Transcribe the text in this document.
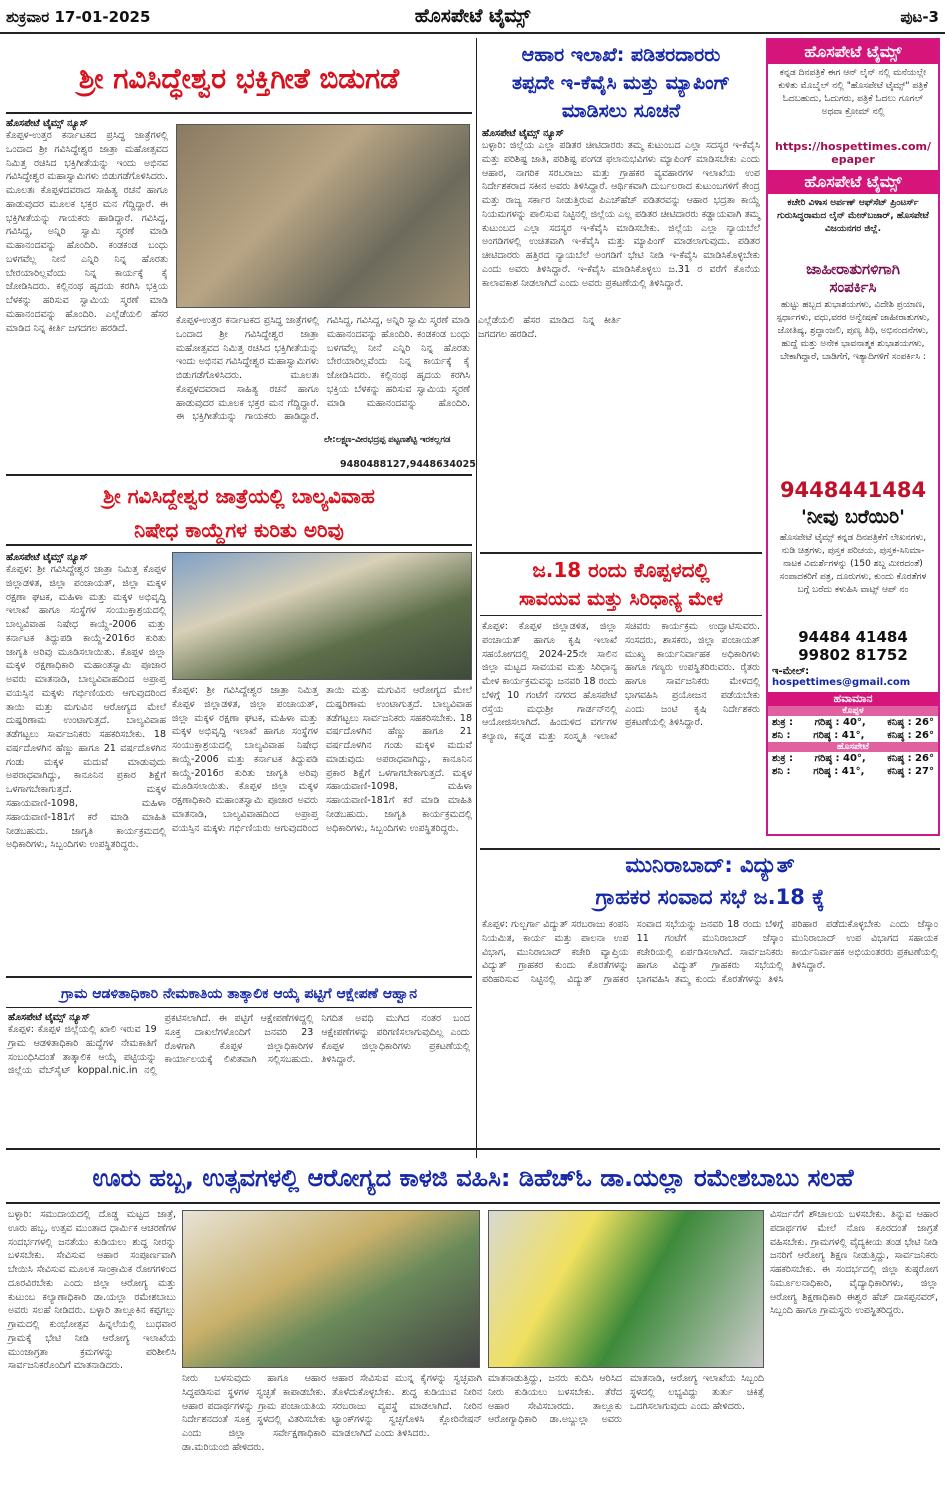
ಶುಕ್ರವಾರ 17-01-2025	ಹೊಸಪೇಟೆ ಟೈಮ್ಸ್	ಪುಟ-3
ಶ್ರೀ ಗವಿಸಿದ್ಧೇಶ್ವರ ಭಕ್ತಿಗೀತೆ ಬಿಡುಗಡೆ
ಹೊಸಪೇಟೆ ಟೈಮ್ಸ್ ನ್ಯೂಸ್
ಕೊಪ್ಪಳ-ಉತ್ತರ ಕರ್ನಾಟಕದ ಪ್ರಸಿದ್ಧ ಜಾತ್ರೆಗಳಲ್ಲಿ ಒಂದಾದ ಶ್ರೀ ಗವಿಸಿದ್ಧೇಶ್ವರ ಜಾತ್ರಾ ಮಹೋತ್ಸವದ ನಿಮಿತ್ತ ರಚಿಸಿದ ಭಕ್ತಿಗೀತೆಯನ್ನು ಇಂದು ಅಭಿನವ ಗವಿಸಿದ್ಧೇಶ್ವರ ಮಹಾಸ್ವಾಮಿಗಳು ಬಿಡುಗಡೆಗೊಳಿಸಿದರು. ಮೂಲತಃ ಕೊಪ್ಪಳದವರಾದ ಸಾಹಿತ್ಯ ರಚನೆ ಹಾಗೂ ಹಾಡುವುದರ ಮೂಲಕ ಭಕ್ತರ ಮನ ಗೆದ್ದಿದ್ದಾರೆ. ಈ ಭಕ್ತಿಗೀತೆಯನ್ನು ಗಾಯಕರು ಹಾಡಿದ್ದಾರೆ. ಗವಿಸಿದ್ದ, ಗವಿಸಿದ್ದ, ಅನ್ನಿರಿ ಸ್ವಾಮಿ ಸ್ಮರಣೆ ಮಾಡಿ ಮಹಾನಂದವನ್ನು ಹೊಂದಿರಿ. ಕಂಡಕಂಡ ಬಂಧು ಬಳಗವೆಲ್ಲ ನೀನೆ ಎನ್ನಿರಿ ನಿನ್ನ ಹೊರತು ಬೇರಯಾರಿಲ್ಲವೆಂದು ನಿನ್ನ ಕಾರ್ಯಕ್ಕೆ ಕೈ ಜೋಡಿಸಿದರು. ಕಲ್ಲಿನಂಥ ಹೃದಯ ಕರಗಿಸಿ ಭಕ್ತಿಯ ಬೆಳಕನ್ನು ಹರಿಸುವ ಸ್ವಾಮಿಯ ಸ್ಮರಣೆ ಮಾಡಿ ಮಹಾನಂದವನ್ನು ಹೊಂದಿರಿ. ಎಲ್ಲೆಡೆಯಲಿ ಹೆಸರ ಮಾಡಿದ ನಿನ್ನ ಕೀರ್ತಿ ಜಗದಗಲ ಹರಡಿದೆ.
ಕೊಪ್ಪಳ-ಉತ್ತರ ಕರ್ನಾಟಕದ ಪ್ರಸಿದ್ಧ ಜಾತ್ರೆಗಳಲ್ಲಿ ಒಂದಾದ ಶ್ರೀ ಗವಿಸಿದ್ಧೇಶ್ವರ ಜಾತ್ರಾ ಮಹೋತ್ಸವದ ನಿಮಿತ್ತ ರಚಿಸಿದ ಭಕ್ತಿಗೀತೆಯನ್ನು ಇಂದು ಅಭಿನವ ಗವಿಸಿದ್ಧೇಶ್ವರ ಮಹಾಸ್ವಾಮಿಗಳು ಬಿಡುಗಡೆಗೊಳಿಸಿದರು. ಮೂಲತಃ ಕೊಪ್ಪಳದವರಾದ ಸಾಹಿತ್ಯ ರಚನೆ ಹಾಗೂ ಹಾಡುವುದರ ಮೂಲಕ ಭಕ್ತರ ಮನ ಗೆದ್ದಿದ್ದಾರೆ. ಈ ಭಕ್ತಿಗೀತೆಯನ್ನು ಗಾಯಕರು ಹಾಡಿದ್ದಾರೆ. ಗವಿಸಿದ್ದ, ಗವಿಸಿದ್ದ, ಅನ್ನಿರಿ ಸ್ವಾಮಿ ಸ್ಮರಣೆ ಮಾಡಿ ಮಹಾನಂದವನ್ನು ಹೊಂದಿರಿ. ಕಂಡಕಂಡ ಬಂಧು ಬಳಗವೆಲ್ಲ ನೀನೆ ಎನ್ನಿರಿ ನಿನ್ನ ಹೊರತು ಬೇರಯಾರಿಲ್ಲವೆಂದು ನಿನ್ನ ಕಾರ್ಯಕ್ಕೆ ಕೈ ಜೋಡಿಸಿದರು. ಕಲ್ಲಿನಂಥ ಹೃದಯ ಕರಗಿಸಿ ಭಕ್ತಿಯ ಬೆಳಕನ್ನು ಹರಿಸುವ ಸ್ವಾಮಿಯ ಸ್ಮರಣೆ ಮಾಡಿ ಮಹಾನಂದವನ್ನು ಹೊಂದಿರಿ. ಎಲ್ಲೆಡೆಯಲಿ ಹೆಸರ ಮಾಡಿದ ನಿನ್ನ ಕೀರ್ತಿ ಜಗದಗಲ ಹರಡಿದೆ.
ಲೇ:ಲಕ್ಷ್ಮಣ-ವೀರಭದ್ರಪ್ಪ ಪಟ್ಟಣಶೆಟ್ಟಿ ಇರಕಲ್ಲಗಡ
9480488127,9448634025
ಆಹಾರ ಇಲಾಖೆ: ಪಡಿತರದಾರರು
ತಪ್ಪದೇ ಇ-ಕೆವೈಸಿ ಮತ್ತು ಮ್ಯಾಪಿಂಗ್
ಮಾಡಿಸಲು ಸೂಚನೆ
ಹೊಸಪೇಟೆ ಟೈಮ್ಸ್ ನ್ಯೂಸ್
ಬಳ್ಳಾರಿ: ಜಿಲ್ಲೆಯ ಎಲ್ಲಾ ಪಡಿತರ ಚೀಟಿದಾರರು ತಮ್ಮ ಕುಟುಂಬದ ಎಲ್ಲಾ ಸದಸ್ಯರ ಇ-ಕೆವೈಸಿ ಮತ್ತು ಪರಿಶಿಷ್ಟ ಜಾತಿ, ಪರಿಶಿಷ್ಟ ಪಂಗಡ ಫಲಾನುಭವಿಗಳು ಮ್ಯಾಪಿಂಗ್ ಮಾಡಿಸಬೇಕು ಎಂದು ಆಹಾರ, ನಾಗರಿಕ ಸರಬರಾಜು ಮತ್ತು ಗ್ರಾಹಕರ ವ್ಯವಹಾರಗಳ ಇಲಾಖೆಯ ಉಪ ನಿರ್ದೇಶಕರಾದ ಸಕೀನ ಅವರು ತಿಳಿಸಿದ್ದಾರೆ. ಆರ್ಥಿಕವಾಗಿ ದುರ್ಬಲರಾದ ಕುಟುಂಬಗಳಿಗೆ ಕೇಂದ್ರ ಮತ್ತು ರಾಜ್ಯ ಸರ್ಕಾರ ನೀಡುತ್ತಿರುವ ಪಿಎಚ್‍ಹೆಚ್ ಪಡಿತರವನ್ನು ಆಹಾರ ಭದ್ರತಾ ಕಾಯ್ದೆ ನಿಯಮಗಳನ್ನು ಪಾಲಿಸುವ ನಿಟ್ಟಿನಲ್ಲಿ ಜಿಲ್ಲೆಯ ಎಲ್ಲ ಪಡಿತರ ಚೀಟಿದಾರರು ಕಡ್ಡಾಯವಾಗಿ ತಮ್ಮ ಕುಟುಂಬದ ಎಲ್ಲಾ ಸದಸ್ಯರ ಇ-ಕೆವೈಸಿ ಮಾಡಿಸಬೇಕು. ಜಿಲ್ಲೆಯ ಎಲ್ಲಾ ನ್ಯಾಯಬೆಲೆ ಅಂಗಡಿಗಳಲ್ಲಿ ಉಚಿತವಾಗಿ ಇ-ಕೆವೈಸಿ ಮತ್ತು ಮ್ಯಾಪಿಂಗ್ ಮಾಡಲಾಗುವುದು. ಪಡಿತರ ಚೀಟಿದಾರರು ಹತ್ತಿರದ ನ್ಯಾಯಬೆಲೆ ಅಂಗಡಿಗೆ ಭೇಟಿ ನೀಡಿ ಇ-ಕೆವೈಸಿ ಮಾಡಿಸಿಕೊಳ್ಳಬೇಕು ಎಂದು ಅವರು ತಿಳಿಸಿದ್ದಾರೆ. ಇ-ಕೆವೈಸಿ ಮಾಡಿಸಿಕೊಳ್ಳಲು ಜ.31 ರ ವರೆಗೆ ಕೊನೆಯ ಕಾಲಾವಕಾಶ ನೀಡಲಾಗಿದೆ ಎಂದು ಅವರು ಪ್ರಕಟಣೆಯಲ್ಲಿ ತಿಳಿಸಿದ್ದಾರೆ.
ಹೊಸಪೇಟೆ ಟೈಮ್ಸ್
ಕನ್ನಡ ದಿನಪತ್ರಿಕೆ ಈಗ ಆನ್ ಲೈನ್ ನಲ್ಲಿ ಮನೆಯಲ್ಲೇ ಕುಳಿತು ಮೊಬೈಲ್ ನಲ್ಲಿ "ಹೊಸಪೇಟೆ ಟೈಮ್ಸ್" ಪತ್ರಿಕೆ ಓದಬಹುದು, ಓದುಗರು, ಪತ್ರಿಕೆ ಓದಲು ಗೂಗಲ್ ಅಥವಾ ಕ್ರೋಮ್ ನಲ್ಲಿ
https://hospettimes.com/epaper
ಹೊಸಪೇಟೆ ಟೈಮ್ಸ್
ಕಚೇರಿ ವಿಳಾಸ ಅರ್ಪಣ್ ಆಫ್‍ಸೆಟ್ ಪ್ರಿಂಟರ್ಸ್ ಗುರುಸಿದ್ಧರಾಮದ ಲೈನ್ ಮೇನ್‍ಬಜಾರ್, ಹೊಸಪೇಟೆ ವಿಜಯನಗರ ಜಿಲ್ಲೆ.
ಜಾಹೀರಾತುಗಳಿಗಾಗಿ
ಸಂಪರ್ಕಿಸಿ
ಹುಟ್ಟು ಹಬ್ಬದ ಶುಭಾಶಯಗಳು, ವಿದೇಶಿ ಪ್ರಯಾಣ, ಸ್ಪರ್ಧಾಗಳು, ವಧು,ವರರ ಅನ್ವೇಷಣೆ ಜಾಹೀರಾತುಗಳು, ಜೋತಿಷ್ಯ, ಶ್ರದ್ಧಾಂಜಲಿ, ಪುಣ್ಯ ತಿಥಿ, ಅಭಿನಂದನೆಗಳು, ಹುದ್ದೆ ಮತ್ತು ಅನೇಕ ಭಾವನಾತ್ಮಕ ಶುಭಾಶಯಗಳು, ಬೇಕಾಗಿದ್ದಾರೆ, ಬಾಡಿಗೆಗೆ, ಇತ್ಯಾದಿಗಳಿಗೆ ಸಂಪರ್ಕಿಸಿ :
9448441484
'ನೀವು ಬರೆಯಿರಿ'
ಹೊಸಪೇಟೆ ಟೈಮ್ಸ್ ಕನ್ನಡ ದಿನಪತ್ರಿಕೆಗೆ ಲೇಖನಗಳು, ನುಡಿ ಚಿತ್ರಗಳು, ಪುಸ್ತಕ ಪರಿಚಯ, ಪುಸ್ತಕ-ಸಿನಿಮಾ-ನಾಟಕ ವಿಮರ್ಶೆಗಳನ್ನು (150 ಶಬ್ದ ಮೀರದಂತೆ) ಸಂಪಾದಕರಿಗೆ ಪತ್ರ, ದೂರುಗಳು, ಕುಂದು ಕೊರತೆಗಳ ಬಗ್ಗೆ ಬರೆದು ಕಳುಹಿಸಿ ವಾಟ್ಸ್ ಆಪ್ ನಂ
94484 41484
99802 81752
ಇ-ಮೇಲ್: hospettimes@gmail.com
ಹವಾಮಾನ
ಕೊಪ್ಪಳ
ಶುಕ್ರ : ಗರಿಷ್ಠ : 40°, ಕನಿಷ್ಠ : 26°
ಶನಿ : ಗರಿಷ್ಠ : 41°, ಕನಿಷ್ಠ : 26°
ಹೊಸಪೇಟೆ
ಶುಕ್ರ : ಗರಿಷ್ಠ : 40°, ಕನಿಷ್ಠ : 26°
ಶನಿ : ಗರಿಷ್ಠ : 41°, ಕನಿಷ್ಠ : 27°
ಶ್ರೀ ಗವಿಸಿದ್ದೇಶ್ವರ ಜಾತ್ರೆಯಲ್ಲಿ ಬಾಲ್ಯವಿವಾಹ
ನಿಷೇಧ ಕಾಯ್ದೆಗಳ ಕುರಿತು ಅರಿವು
ಹೊಸಪೇಟೆ ಟೈಮ್ಸ್ ನ್ಯೂಸ್
ಕೊಪ್ಪಳ: ಶ್ರೀ ಗವಿಸಿದ್ದೇಶ್ವರ ಜಾತ್ರಾ ನಿಮಿತ್ತ ಕೊಪ್ಪಳ ಜಿಲ್ಲಾಡಳಿತ, ಜಿಲ್ಲಾ ಪಂಚಾಯತ್, ಜಿಲ್ಲಾ ಮಕ್ಕಳ ರಕ್ಷಣಾ ಘಟಕ, ಮಹಿಳಾ ಮತ್ತು ಮಕ್ಕಳ ಅಭಿವೃದ್ಧಿ ಇಲಾಖೆ ಹಾಗೂ ಸಂಸ್ಥೆಗಳ ಸಂಯುಕ್ತಾಶ್ರಯದಲ್ಲಿ ಬಾಲ್ಯವಿವಾಹ ನಿಷೇಧ ಕಾಯ್ದೆ-2006 ಮತ್ತು ಕರ್ನಾಟಕ ತಿದ್ದುಪಡಿ ಕಾಯ್ದೆ-2016ರ ಕುರಿತು ಜಾಗೃತಿ ಅರಿವು ಮೂಡಿಸಲಾಯಿತು. ಕೊಪ್ಪಳ ಜಿಲ್ಲಾ ಮಕ್ಕಳ ರಕ್ಷಣಾಧಿಕಾರಿ ಮಹಾಂತಸ್ವಾಮಿ ಪೂಜಾರ ಅವರು ಮಾತನಾಡಿ, ಬಾಲ್ಯವಿವಾಹದಿಂದ ಅಪ್ರಾಪ್ತ ವಯಸ್ಸಿನ ಮಕ್ಕಳು ಗರ್ಭಿಣಿಯರು ಆಗುವುದರಿಂದ ತಾಯಿ ಮತ್ತು ಮಗುವಿನ ಆರೋಗ್ಯದ ಮೇಲೆ ದುಷ್ಪರಿಣಾಮ ಉಂಟಾಗುತ್ತದೆ. ಬಾಲ್ಯವಿವಾಹ ತಡೆಗಟ್ಟಲು ಸಾರ್ವಜನಿಕರು ಸಹಕರಿಸಬೇಕು. 18 ವರ್ಷದೊಳಗಿನ ಹೆಣ್ಣು ಹಾಗೂ 21 ವರ್ಷದೊಳಗಿನ ಗಂಡು ಮಕ್ಕಳ ಮದುವೆ ಮಾಡುವುದು ಅಪರಾಧವಾಗಿದ್ದು, ಕಾನೂನಿನ ಪ್ರಕಾರ ಶಿಕ್ಷೆಗೆ ಒಳಗಾಗಬೇಕಾಗುತ್ತದೆ. ಮಕ್ಕಳ ಸಹಾಯವಾಣಿ-1098, ಮಹಿಳಾ ಸಹಾಯವಾಣಿ-181ಗೆ ಕರೆ ಮಾಡಿ ಮಾಹಿತಿ ನೀಡಬಹುದು. ಜಾಗೃತಿ ಕಾರ್ಯಕ್ರಮದಲ್ಲಿ ಅಧಿಕಾರಿಗಳು, ಸಿಬ್ಬಂದಿಗಳು ಉಪಸ್ಥಿತರಿದ್ದರು.
ಕೊಪ್ಪಳ: ಶ್ರೀ ಗವಿಸಿದ್ದೇಶ್ವರ ಜಾತ್ರಾ ನಿಮಿತ್ತ ಕೊಪ್ಪಳ ಜಿಲ್ಲಾಡಳಿತ, ಜಿಲ್ಲಾ ಪಂಚಾಯತ್, ಜಿಲ್ಲಾ ಮಕ್ಕಳ ರಕ್ಷಣಾ ಘಟಕ, ಮಹಿಳಾ ಮತ್ತು ಮಕ್ಕಳ ಅಭಿವೃದ್ಧಿ ಇಲಾಖೆ ಹಾಗೂ ಸಂಸ್ಥೆಗಳ ಸಂಯುಕ್ತಾಶ್ರಯದಲ್ಲಿ ಬಾಲ್ಯವಿವಾಹ ನಿಷೇಧ ಕಾಯ್ದೆ-2006 ಮತ್ತು ಕರ್ನಾಟಕ ತಿದ್ದುಪಡಿ ಕಾಯ್ದೆ-2016ರ ಕುರಿತು ಜಾಗೃತಿ ಅರಿವು ಮೂಡಿಸಲಾಯಿತು. ಕೊಪ್ಪಳ ಜಿಲ್ಲಾ ಮಕ್ಕಳ ರಕ್ಷಣಾಧಿಕಾರಿ ಮಹಾಂತಸ್ವಾಮಿ ಪೂಜಾರ ಅವರು ಮಾತನಾಡಿ, ಬಾಲ್ಯವಿವಾಹದಿಂದ ಅಪ್ರಾಪ್ತ ವಯಸ್ಸಿನ ಮಕ್ಕಳು ಗರ್ಭಿಣಿಯರು ಆಗುವುದರಿಂದ ತಾಯಿ ಮತ್ತು ಮಗುವಿನ ಆರೋಗ್ಯದ ಮೇಲೆ ದುಷ್ಪರಿಣಾಮ ಉಂಟಾಗುತ್ತದೆ. ಬಾಲ್ಯವಿವಾಹ ತಡೆಗಟ್ಟಲು ಸಾರ್ವಜನಿಕರು ಸಹಕರಿಸಬೇಕು. 18 ವರ್ಷದೊಳಗಿನ ಹೆಣ್ಣು ಹಾಗೂ 21 ವರ್ಷದೊಳಗಿನ ಗಂಡು ಮಕ್ಕಳ ಮದುವೆ ಮಾಡುವುದು ಅಪರಾಧವಾಗಿದ್ದು, ಕಾನೂನಿನ ಪ್ರಕಾರ ಶಿಕ್ಷೆಗೆ ಒಳಗಾಗಬೇಕಾಗುತ್ತದೆ. ಮಕ್ಕಳ ಸಹಾಯವಾಣಿ-1098, ಮಹಿಳಾ ಸಹಾಯವಾಣಿ-181ಗೆ ಕರೆ ಮಾಡಿ ಮಾಹಿತಿ ನೀಡಬಹುದು. ಜಾಗೃತಿ ಕಾರ್ಯಕ್ರಮದಲ್ಲಿ ಅಧಿಕಾರಿಗಳು, ಸಿಬ್ಬಂದಿಗಳು ಉಪಸ್ಥಿತರಿದ್ದರು.
ಜ.18 ರಂದು ಕೊಪ್ಪಳದಲ್ಲಿ
ಸಾವಯವ ಮತ್ತು ಸಿರಿಧಾನ್ಯ ಮೇಳ
ಕೊಪ್ಪಳ: ಕೊಪ್ಪಳ ಜಿಲ್ಲಾಡಳಿತ, ಜಿಲ್ಲಾ ಪಂಚಾಯತ್ ಹಾಗೂ ಕೃಷಿ ಇಲಾಖೆ ಸಹಯೋಗದಲ್ಲಿ 2024-25ನೇ ಸಾಲಿನ ಜಿಲ್ಲಾ ಮಟ್ಟದ ಸಾವಯವ ಮತ್ತು ಸಿರಿಧಾನ್ಯ ಮೇಳ ಕಾರ್ಯಕ್ರಮವನ್ನು ಜನವರಿ 18 ರಂದು ಬೆಳಿಗ್ಗೆ 10 ಗಂಟೆಗೆ ನಗರದ ಹೊಸಪೇಟೆ ರಸ್ತೆಯ ಮಧುಶ್ರೀ ಗಾರ್ಡನ್‍ನಲ್ಲಿ ಆಯೋಜಿಸಲಾಗಿದೆ. ಹಿಂದುಳಿದ ವರ್ಗಗಳ ಕಲ್ಯಾಣ, ಕನ್ನಡ ಮತ್ತು ಸಂಸ್ಕೃತಿ ಇಲಾಖೆ ಸಚಿವರು ಕಾರ್ಯಕ್ರಮ ಉದ್ಘಾಟಿಸುವರು. ಸಂಸದರು, ಶಾಸಕರು, ಜಿಲ್ಲಾ ಪಂಚಾಯತ್ ಮುಖ್ಯ ಕಾರ್ಯನಿರ್ವಾಹಕ ಅಧಿಕಾರಿಗಳು ಹಾಗೂ ಗಣ್ಯರು ಉಪಸ್ಥಿತರಿರುವರು. ರೈತರು ಹಾಗೂ ಸಾರ್ವಜನಿಕರು ಮೇಳದಲ್ಲಿ ಭಾಗವಹಿಸಿ ಪ್ರಯೋಜನ ಪಡೆಯಬೇಕು ಎಂದು ಜಂಟಿ ಕೃಷಿ ನಿರ್ದೇಶಕರು ಪ್ರಕಟಣೆಯಲ್ಲಿ ತಿಳಿಸಿದ್ದಾರೆ.
ಮುನಿರಾಬಾದ್: ವಿದ್ಯುತ್
ಗ್ರಾಹಕರ ಸಂವಾದ ಸಭೆ ಜ.18 ಕ್ಕೆ
ಕೊಪ್ಪಳ: ಗುಲ್ಬರ್ಗಾ ವಿದ್ಯುತ್ ಸರಬರಾಜು ಕಂಪನಿ ನಿಯಮಿತ, ಕಾರ್ಯ ಮತ್ತು ಪಾಲನಾ ಉಪ ವಿಭಾಗ, ಮುನಿರಾಬಾದ್ ಕಚೇರಿ ವ್ಯಾಪ್ತಿಯ ವಿದ್ಯುತ್ ಗ್ರಾಹಕರ ಕುಂದು ಕೊರತೆಗಳನ್ನು ಪರಿಹರಿಸುವ ನಿಟ್ಟಿನಲ್ಲಿ ವಿದ್ಯುತ್ ಗ್ರಾಹಕರ ಸಂವಾದ ಸಭೆಯನ್ನು ಜನವರಿ 18 ರಂದು ಬೆಳಿಗ್ಗೆ 11 ಗಂಟೆಗೆ ಮುನಿರಾಬಾದ್ ಜೆಸ್ಕಾಂ ಕಚೇರಿಯಲ್ಲಿ ಏರ್ಪಡಿಸಲಾಗಿದೆ. ಸಾರ್ವಜನಿಕರು ಹಾಗೂ ವಿದ್ಯುತ್ ಗ್ರಾಹಕರು ಸಭೆಯಲ್ಲಿ ಭಾಗವಹಿಸಿ ತಮ್ಮ ಕುಂದು ಕೊರತೆಗಳನ್ನು ತಿಳಿಸಿ ಪರಿಹಾರ ಪಡೆದುಕೊಳ್ಳಬೇಕು ಎಂದು ಜೆಸ್ಕಾಂ ಮುನಿರಾಬಾದ್ ಉಪ ವಿಭಾಗದ ಸಹಾಯಕ ಕಾರ್ಯನಿರ್ವಾಹಕ ಅಭಿಯಂತರರು ಪ್ರಕಟಣೆಯಲ್ಲಿ ತಿಳಿಸಿದ್ದಾರೆ.
ಗ್ರಾಮ ಆಡಳಿತಾಧಿಕಾರಿ ನೇಮಕಾತಿಯ ತಾತ್ಕಾಲಿಕ ಆಯ್ಕೆ ಪಟ್ಟಿಗೆ ಆಕ್ಷೇಪಣೆ ಆಹ್ವಾನ
ಹೊಸಪೇಟೆ ಟೈಮ್ಸ್ ನ್ಯೂಸ್
ಕೊಪ್ಪಳ: ಕೊಪ್ಪಳ ಜಿಲ್ಲೆಯಲ್ಲಿ ಖಾಲಿ ಇರುವ 19 ಗ್ರಾಮ ಆಡಳಿತಾಧಿಕಾರಿ ಹುದ್ದೆಗಳ ನೇಮಕಾತಿಗೆ ಸಂಬಂಧಿಸಿದಂತೆ ತಾತ್ಕಾಲಿಕ ಆಯ್ಕೆ ಪಟ್ಟಿಯನ್ನು ಜಿಲ್ಲೆಯ ವೆಬ್‍ಸೈಟ್ koppal.nic.in ನಲ್ಲಿ ಪ್ರಕಟಿಸಲಾಗಿದೆ. ಈ ಪಟ್ಟಿಗೆ ಆಕ್ಷೇಪಣೆಗಳಿದ್ದಲ್ಲಿ ಸೂಕ್ತ ದಾಖಲೆಗಳೊಂದಿಗೆ ಜನವರಿ 23 ರೊಳಗಾಗಿ ಕೊಪ್ಪಳ ಜಿಲ್ಲಾಧಿಕಾರಿಗಳ ಕಾರ್ಯಾಲಯಕ್ಕೆ ಲಿಖಿತವಾಗಿ ಸಲ್ಲಿಸಬಹುದು. ನಿಗದಿತ ಅವಧಿ ಮುಗಿದ ನಂತರ ಬಂದ ಆಕ್ಷೇಪಣೆಗಳನ್ನು ಪರಿಗಣಿಸಲಾಗುವುದಿಲ್ಲ ಎಂದು ಕೊಪ್ಪಳ ಜಿಲ್ಲಾಧಿಕಾರಿಗಳು ಪ್ರಕಟಣೆಯಲ್ಲಿ ತಿಳಿಸಿದ್ದಾರೆ.
ಊರು ಹಬ್ಬ, ಉತ್ಸವಗಳಲ್ಲಿ ಆರೋಗ್ಯದ ಕಾಳಜಿ ವಹಿಸಿ: ಡಿಹೆಚ್‍ಓ ಡಾ.ಯಲ್ಲಾ ರಮೇಶಬಾಬು ಸಲಹೆ
ಬಳ್ಳಾರಿ: ಸಮುದಾಯದಲ್ಲಿ ದೊಡ್ಡ ಮಟ್ಟದ ಜಾತ್ರೆ, ಊರು ಹಬ್ಬ, ಉತ್ಸವ ಮುಂತಾದ ಧಾರ್ಮಿಕ ಆಚರಣೆಗಳ ಸಂದರ್ಭಗಳಲ್ಲಿ ಜನತೆಯು ಕುಡಿಯಲು ಶುದ್ಧ ನೀರನ್ನು ಬಳಸಬೇಕು. ಸೇವಿಸುವ ಆಹಾರ ಸಂಪೂರ್ಣವಾಗಿ ಬೇಯಿಸಿ ಸೇವಿಸುವ ಮೂಲಕ ಸಾಂಕ್ರಾಮಿಕ ರೋಗಗಳಿಂದ ದೂರವಿರಬೇಕು ಎಂದು ಜಿಲ್ಲಾ ಆರೋಗ್ಯ ಮತ್ತು ಕುಟುಂಬ ಕಲ್ಯಾಣಾಧಿಕಾರಿ ಡಾ.ಯಲ್ಲಾ ರಮೇಶಬಾಬು ಅವರು ಸಲಹೆ ನೀಡಿದರು. ಬಳ್ಳಾರಿ ತಾಲ್ಲೂಕಿನ ಕಪ್ಪಗಲ್ಲು ಗ್ರಾಮದಲ್ಲಿ ಕುಂಭೋತ್ಸವ ಹಿನ್ನಲೆಯಲ್ಲಿ ಬುಧವಾರ ಗ್ರಾಮಕ್ಕೆ ಭೇಟಿ ನೀಡಿ ಆರೋಗ್ಯ ಇಲಾಖೆಯ ಮುಂಜಾಗ್ರತಾ ಕ್ರಮಗಳನ್ನು ಪರಿಶೀಲಿಸಿ ಸಾರ್ವಜನಿಕರೊಂದಿಗೆ ಮಾತನಾಡಿದರು.
ನೀರು ಬಳಸುವುದು ಹಾಗೂ ಆಹಾರ ಸಿದ್ಧಪಡಿಸುವ ಸ್ಥಳಗಳ ಸ್ವಚ್ಛತೆ ಕಾಪಾಡಬೇಕು. ಆಹಾರ ಪದಾರ್ಥಗಳನ್ನು ಗ್ರಾಮ ಪಂಚಾಯತಿಯ ನಿರ್ದೇಶನದಂತೆ ಸೂಕ್ತ ಸ್ಥಳದಲ್ಲಿ ವಿತರಿಸಬೇಕು ಎಂದು ಜಿಲ್ಲಾ ಸರ್ವೇಕ್ಷಣಾಧಿಕಾರಿ ಡಾ.ಮರಿಯಂಬಿ ಹೇಳಿದರು.
ಆಹಾರ ಸೇವಿಸುವ ಮುನ್ನ ಕೈಗಳನ್ನು ಸ್ವಚ್ಛವಾಗಿ ತೊಳೆದುಕೊಳ್ಳಬೇಕು. ಶುದ್ಧ ಕುಡಿಯುವ ನೀರಿನ ಸರಬರಾಜು ವ್ಯವಸ್ಥೆ ಮಾಡಲಾಗಿದೆ. ನೀರಿನ ಟ್ಯಾಂಕ್‍ಗಳನ್ನು ಸ್ವಚ್ಛಗೊಳಿಸಿ ಕ್ಲೋರಿನೇಷನ್ ಮಾಡಲಾಗಿದೆ ಎಂದು ತಿಳಿಸಿದರು.
ಮಾತನಾಡುತ್ತಿದ್ದು, ಜನರು ಕುದಿಸಿ ಆರಿಸಿದ ನೀರು ಕುಡಿಯಲು ಬಳಸಬೇಕು. ತೆರೆದ ಆಹಾರ ಸೇವಿಸಬಾರದು. ತಾಲ್ಲೂಕು ಆರೋಗ್ಯಾಧಿಕಾರಿ ಡಾ.ಅಬ್ದುಲ್ಲಾ ಅವರು ಮಾತನಾಡಿ, ಆರೋಗ್ಯ ಇಲಾಖೆಯ ಸಿಬ್ಬಂದಿ ಸ್ಥಳದಲ್ಲಿ ಲಭ್ಯವಿದ್ದು ತುರ್ತು ಚಿಕಿತ್ಸೆ ಒದಗಿಸಲಾಗುವುದು ಎಂದು ಹೇಳಿದರು.
ವಿಸರ್ಜನೆಗೆ ಶೌಚಾಲಯ ಬಳಸಬೇಕು. ತಿನ್ನುವ ಆಹಾರ ಪದಾರ್ಥಗಳ ಮೇಲೆ ನೊಣ ಕೂರದಂತೆ ಜಾಗ್ರತೆ ವಹಿಸಬೇಕು. ಗ್ರಾಮಗಳಲ್ಲಿ ವೈದ್ಯಕೀಯ ತಂಡ ಭೇಟಿ ನೀಡಿ ಜನರಿಗೆ ಆರೋಗ್ಯ ಶಿಕ್ಷಣ ನೀಡುತ್ತಿದ್ದು, ಸಾರ್ವಜನಿಕರು ಸಹಕರಿಸಬೇಕು. ಈ ಸಂದರ್ಭದಲ್ಲಿ ಜಿಲ್ಲಾ ಕುಷ್ಠರೋಗ ನಿರ್ಮೂಲನಾಧಿಕಾರಿ, ವೈದ್ಯಾಧಿಕಾರಿಗಳು, ಜಿಲ್ಲಾ ಆರೋಗ್ಯ ಶಿಕ್ಷಣಾಧಿಕಾರಿ ಈಶ್ವರ ಹೆಚ್ ದಾಸಪ್ಪನವರ್, ಸಿಬ್ಬಂದಿ ಹಾಗೂ ಗ್ರಾಮಸ್ಥರು ಉಪಸ್ಥಿತರಿದ್ದರು.
